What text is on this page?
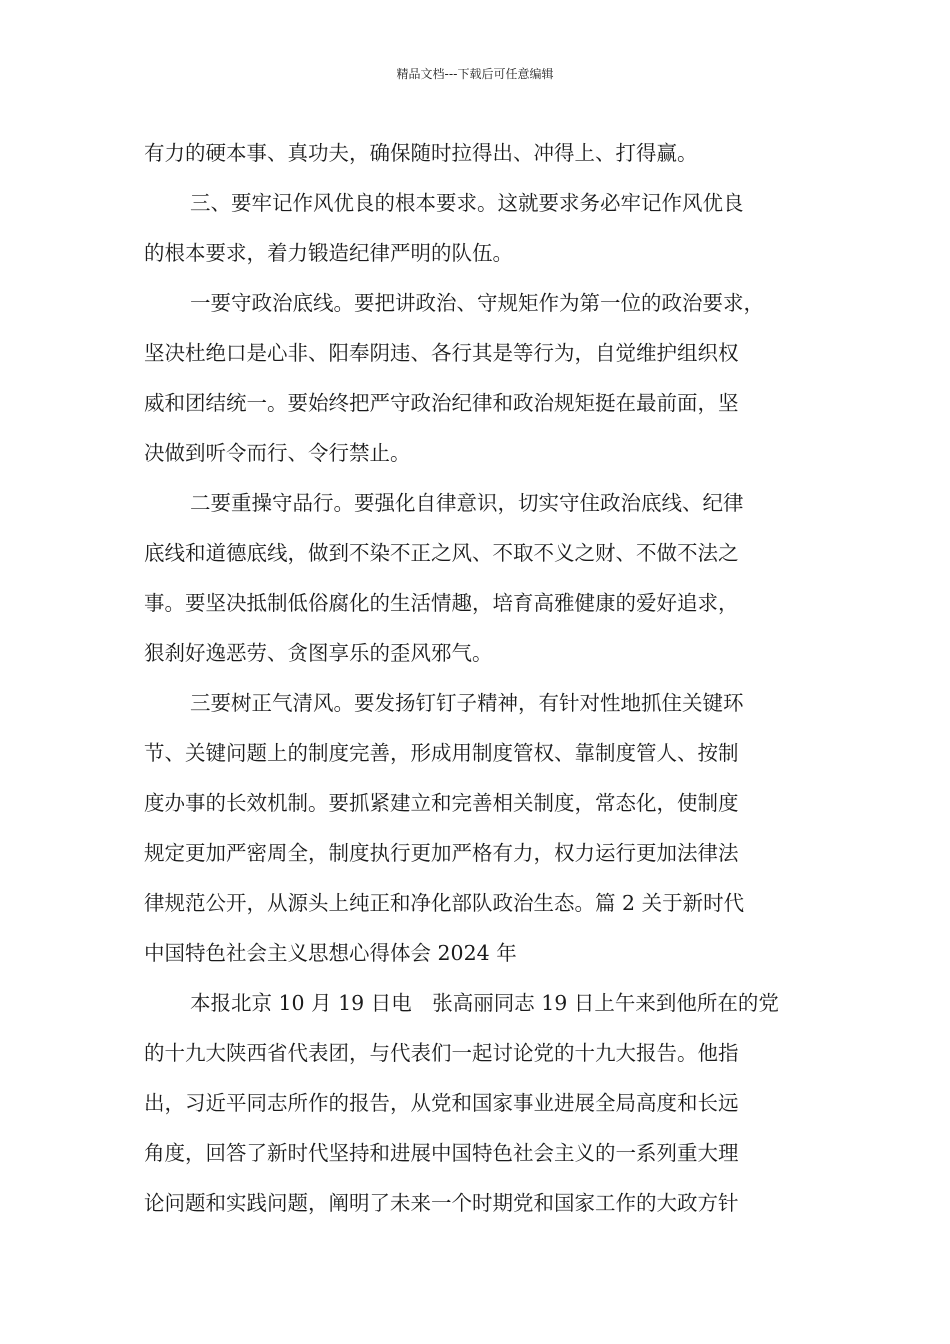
精品文档---下载后可任意编辑
有力的硬本事、真功夫，确保随时拉得出、冲得上、打得赢。
三、要牢记作风优良的根本要求。这就要求务必牢记作风优良
的根本要求，着力锻造纪律严明的队伍。
一要守政治底线。要把讲政治、守规矩作为第一位的政治要求，
坚决杜绝口是心非、阳奉阴违、各行其是等行为，自觉维护组织权
威和团结统一。要始终把严守政治纪律和政治规矩挺在最前面，坚
决做到听令而行、令行禁止。
二要重操守品行。要强化自律意识，切实守住政治底线、纪律
底线和道德底线，做到不染不正之风、不取不义之财、不做不法之
事。要坚决抵制低俗腐化的生活情趣，培育高雅健康的爱好追求，
狠刹好逸恶劳、贪图享乐的歪风邪气。
三要树正气清风。要发扬钉钉子精神，有针对性地抓住关键环
节、关键问题上的制度完善，形成用制度管权、靠制度管人、按制
度办事的长效机制。要抓紧建立和完善相关制度，常态化，使制度
规定更加严密周全，制度执行更加严格有力，权力运行更加法律法
律规范公开，从源头上纯正和净化部队政治生态。篇 2 关于新时代
中国特色社会主义思想心得体会 2024 年
本报北京 10 月 19 日电　张高丽同志 19 日上午来到他所在的党
的十九大陕西省代表团，与代表们一起讨论党的十九大报告。他指
出，习近平同志所作的报告，从党和国家事业进展全局高度和长远
角度，回答了新时代坚持和进展中国特色社会主义的一系列重大理
论问题和实践问题，阐明了未来一个时期党和国家工作的大政方针
